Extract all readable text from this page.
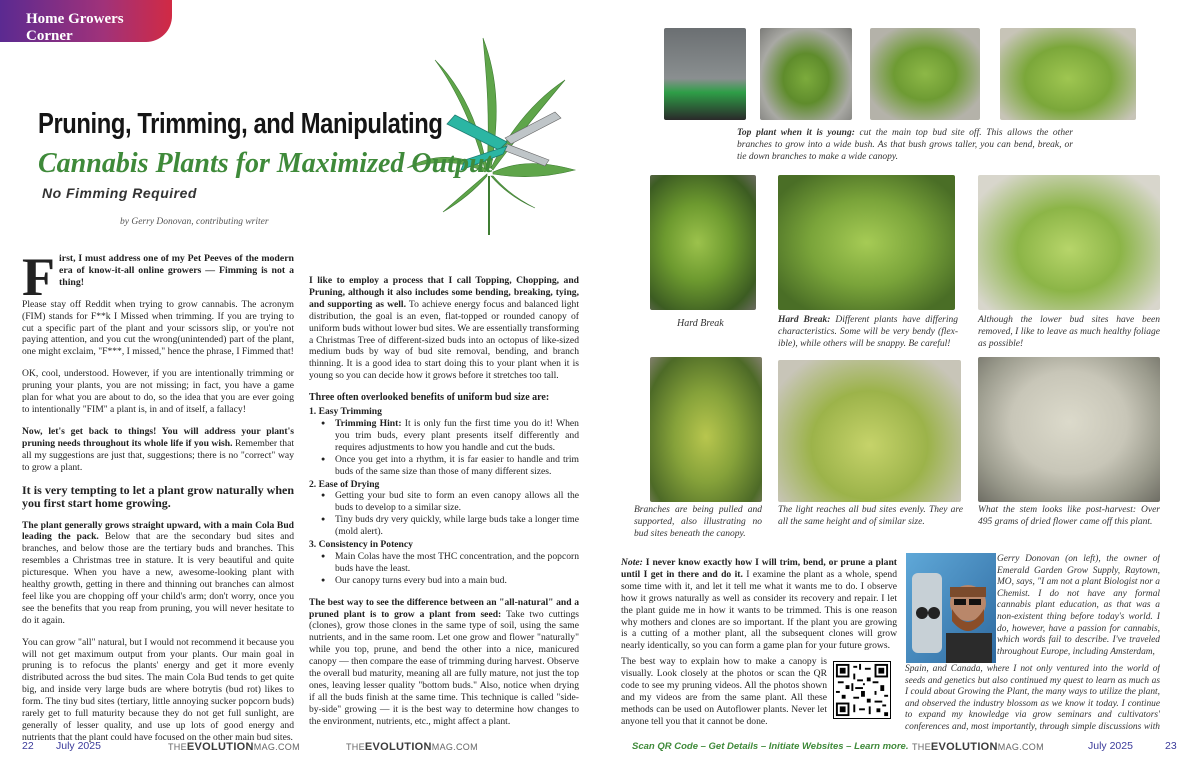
Home Growers Corner
Pruning, Trimming, and Manipulating
Cannabis Plants for Maximized Output
No Fimming Required
by Gerry Donovan, contributing writer

First, I must address one of my Pet Peeves of the modern era of know-it-all online growers — Fimming is not a thing!

Please stay off Reddit when trying to grow cannabis. The acronym (FIM) stands for F**k I Missed when trimming. If you are trying to cut a specific part of the plant and your scissors slip, or you're not paying attention, and you cut the wrong(unintended) part of the plant, one might exclaim, "F***, I missed," hence the phrase, I Fimmed that!

OK, cool, understood. However, if you are intentionally trimming or pruning your plants, you are not missing; in fact, you have a game plan for what you are about to do, so the idea that you are ever going to intentionally "FIM" a plant is, in and of itself, a fallacy!

Now, let's get back to things! You will address your plant's pruning needs throughout its whole life if you wish. Remember that all my suggestions are just that, suggestions; there is no "correct" way to grow a plant.

It is very tempting to let a plant grow naturally when you first start home growing.

The plant generally grows straight upward, with a main Cola Bud leading the pack. Below that are the secondary bud sites and branches, and below those are the tertiary buds and branches. This resembles a Christmas tree in stature. It is very beautiful and quite picturesque. When you have a new, awesome-looking plant with healthy growth, getting in there and thinning out branches can almost feel like you are chopping off your child's arm; don't worry, once you see the benefits that you reap from pruning, you will never hesitate to do it again.

You can grow "all" natural, but I would not recommend it because you will not get maximum output from your plants. Our main goal in pruning is to refocus the plants' energy and get it more evenly distributed across the bud sites. The main Cola Bud tends to get quite big, and inside very large buds are where botrytis (bud rot) likes to form. The tiny bud sites (tertiary, little annoying sucker popcorn buds) rarely get to full maturity because they do not get full sunlight, are generally of lesser quality, and use up lots of good energy and nutrients that the plant could have focused on the other main bud sites.

I like to employ a process that I call Topping, Chopping, and Pruning, although it also includes some bending, breaking, tying, and supporting as well. To achieve energy focus and balanced light distribution, the goal is an even, flat-topped or rounded canopy of uniform buds without lower bud sites. We are essentially transforming a Christmas Tree of different-sized buds into an octopus of like-sized medium buds by way of bud site removal, bending, and branch thinning. It is a good idea to start doing this to your plant when it is young so you can decide how it grows before it stretches too tall.

Three often overlooked benefits of uniform bud size are:
1. Easy Trimming
● Trimming Hint: It is only fun the first time you do it! When you trim buds, every plant presents itself differently and requires adjustments to how you handle and cut the buds.
● Once you get into a rhythm, it is far easier to handle and trim buds of the same size than those of many different sizes.
2. Ease of Drying
● Getting your bud site to form an even canopy allows all the buds to develop to a similar size.
● Tiny buds dry very quickly, while large buds take a longer time (mold alert).
3. Consistency in Potency
● Main Colas have the most THC concentration, and the popcorn buds have the least.
● Our canopy turns every bud into a main bud.

The best way to see the difference between an "all-natural" and a pruned plant is to grow a plant from seed: Take two cuttings (clones), grow those clones in the same type of soil, using the same nutrients, and in the same room. Let one grow and flower "naturally" while you top, prune, and bend the other into a nice, manicured canopy — then compare the ease of trimming during harvest. Observe the overall bud maturity, meaning all are fully mature, not just the top ones, leaving lesser quality "bottom buds." Also, notice when drying if all the buds finish at the same time. This technique is called "side-by-side" growing — it is the best way to determine how changes to the environment, nutrients, etc., might affect a plant.

Top plant when it is young: cut the main top bud site off. This allows the other branches to grow into a wide bush. As that bush grows taller, you can bend, break, or tie down branches to make a wide canopy.
Hard Break	Hard Break: Different plants have differing characteristics. Some will be very bendy (flex-ible), while others will be snappy. Be careful!
Although the lower bud sites have been removed, I like to leave as much healthy foliage as possible!
Branches are being pulled and supported, also illustrating no bud sites beneath the canopy.
The light reaches all bud sites evenly. They are all the same height and of similar size.
What the stem looks like post-harvest: Over 495 grams of dried flower came off this plant.

Note: I never know exactly how I will trim, bend, or prune a plant until I get in there and do it. I examine the plant as a whole, spend some time with it, and let it tell me what it wants me to do. I observe how it grows naturally as well as consider its recovery and repair. I let the plant guide me in how it wants to be trimmed. This is one reason why mothers and clones are so important. If the plant you are growing is a cutting of a mother plant, all the subsequent clones will grow nearly identically, so you can form a game plan for your future grows.

The best way to explain how to make a canopy is visually. Look closely at the photos or scan the QR code to see my pruning videos. All the photos shown and my videos are from the same plant. All these methods can be used on Autoflower plants. Never let anyone tell you that it cannot be done.

Gerry Donovan (on left), the owner of Emerald Garden Grow Supply, Raytown, MO, says, "I am not a plant Biologist nor a Chemist. I do not have any formal cannabis plant education, as that was a non-existent thing before today's world. I do, however, have a passion for cannabis, which words fail to describe. I've traveled throughout Europe, including Amsterdam,
Spain, and Canada, where I not only ventured into the world of seeds and genetics but also continued my quest to learn as much as I could about Growing the Plant, the many ways to utilize the plant, and observed the industry blossom as we know it today. I continue to expand my knowledge via grow seminars and cultivators' conferences and, most importantly, through simple discussions with
22 July 2025	THEEVOLUTIONMAG.COM	THEEVOLUTIONMAG.COM	Scan QR Code – Get Details – Initiate Websites – Learn more. THEEVOLUTIONMAG.COM	July 2025	23
